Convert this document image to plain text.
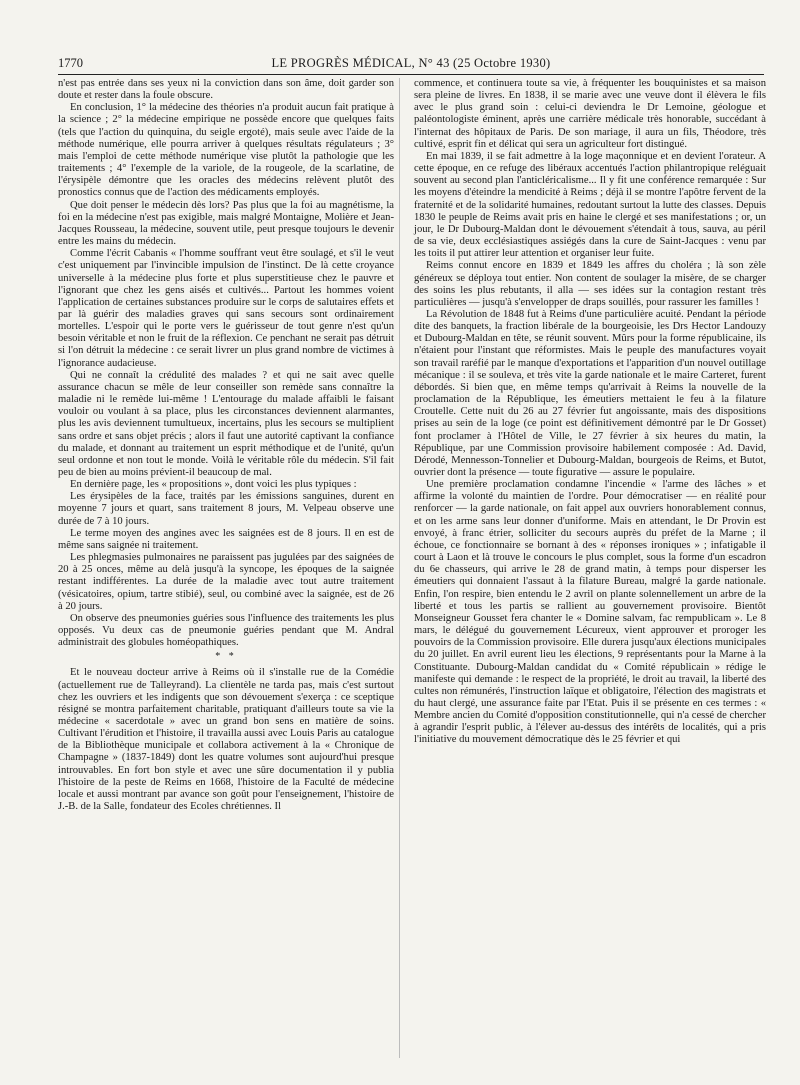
1770	LE PROGRÈS MÉDICAL, N° 43 (25 Octobre 1930)

n'est pas entrée dans ses yeux ni la conviction dans son âme, doit garder son doute et rester dans la foule obscure.

En conclusion, 1° la médecine des théories n'a produit aucun fait pratique à la science ; 2° la médecine empirique ne possède encore que quelques faits (tels que l'action du quinquina, du seigle ergoté), mais seule avec l'aide de la méthode numérique, elle pourra arriver à quelques résultats régulateurs ; 3° mais l'emploi de cette méthode numérique vise plutôt la pathologie que les traitements ; 4° l'exemple de la variole, de la rougeole, de la scarlatine, de l'érysipèle démontre que les oracles des médecins relèvent plutôt des pronostics connus que de l'action des médicaments employés.

Que doit penser le médecin dès lors? Pas plus que la foi au magnétisme, la foi en la médecine n'est pas exigible, mais malgré Montaigne, Molière et Jean-Jacques Rousseau, la médecine, souvent utile, peut presque toujours le devenir entre les mains du médecin.

Comme l'écrit Cabanis « l'homme souffrant veut être soulagé, et s'il le veut c'est uniquement par l'invincible impulsion de l'instinct. De là cette croyance universelle à la médecine plus forte et plus superstitieuse chez le pauvre et l'ignorant que chez les gens aisés et cultivés... Partout les hommes voient l'application de certaines substances produire sur le corps de salutaires effets et par là guérir des maladies graves qui sans secours sont ordinairement mortelles. L'espoir qui le porte vers le guérisseur de tout genre n'est qu'un besoin véritable et non le fruit de la réflexion. Ce penchant ne serait pas détruit si l'on détruit la médecine : ce serait livrer un plus grand nombre de victimes à l'ignorance audacieuse.

Qui ne connaît la crédulité des malades ? et qui ne sait avec quelle assurance chacun se mêle de leur conseiller son remède sans connaître la maladie ni le remède lui-même ! L'entourage du malade affaibli le faisant vouloir ou voulant à sa place, plus les circonstances deviennent alarmantes, plus les avis deviennent tumultueux, incertains, plus les secours se multiplient sans ordre et sans objet précis ; alors il faut une autorité captivant la confiance du malade, et donnant au traitement un esprit méthodique et de l'unité, qu'un seul ordonne et non tout le monde. Voilà le véritable rôle du médecin. S'il fait peu de bien au moins prévient-il beaucoup de mal.

En dernière page, les « propositions », dont voici les plus typiques :

Les érysipèles de la face, traités par les émissions sanguines, durent en moyenne 7 jours et quart, sans traitement 8 jours, M. Velpeau observe une durée de 7 à 10 jours.

Le terme moyen des angines avec les saignées est de 8 jours. Il en est de même sans saignée ni traitement.

Les phlegmasies pulmonaires ne paraissent pas jugulées par des saignées de 20 à 25 onces, même au delà jusqu'à la syncope, les époques de la saignée restant indifférentes. La durée de la maladie avec tout autre traitement (vésicatoires, opium, tartre stibié), seul, ou combiné avec la saignée, est de 26 à 20 jours.

On observe des pneumonies guéries sous l'influence des traitements les plus opposés. Vu deux cas de pneumonie guéries pendant que M. Andral administrait des globules homéopathiques.

* *

Et le nouveau docteur arrive à Reims où il s'installe rue de la Comédie (actuellement rue de Talleyrand). La clientèle ne tarda pas, mais c'est surtout chez les ouvriers et les indigents que son dévouement s'exerça : ce sceptique résigné se montra parfaitement charitable, pratiquant d'ailleurs toute sa vie la médecine « sacerdotale » avec un grand bon sens en matière de soins. Cultivant l'érudition et l'histoire, il travailla aussi avec Louis Paris au catalogue de la Bibliothèque municipale et collabora activement à la « Chronique de Champagne » (1837-1849) dont les quatre volumes sont aujourd'hui presque introuvables. En fort bon style et avec une sûre documentation il y publia l'histoire de la peste de Reims en 1668, l'histoire de la Faculté de médecine locale et aussi montrant par avance son goût pour l'enseignement, l'histoire de J.-B. de la Salle, fondateur des Ecoles chrétiennes. Il

commence, et continuera toute sa vie, à fréquenter les bouquinistes et sa maison sera pleine de livres. En 1838, il se marie avec une veuve dont il élèvera le fils avec le plus grand soin : celui-ci deviendra le Dr Lemoine, géologue et paléontologiste éminent, après une carrière médicale très honorable, succédant à l'internat des hôpitaux de Paris. De son mariage, il aura un fils, Théodore, très cultivé, esprit fin et délicat qui sera un agriculteur fort distingué.

En mai 1839, il se fait admettre à la loge maçonnique et en devient l'orateur. A cette époque, en ce refuge des libéraux accentués l'action philantropique reléguait souvent au second plan l'anticléricalisme... Il y fit une conférence remarquée : Sur les moyens d'éteindre la mendicité à Reims ; déjà il se montre l'apôtre fervent de la fraternité et de la solidarité humaines, redoutant surtout la lutte des classes. Depuis 1830 le peuple de Reims avait pris en haine le clergé et ses manifestations ; or, un jour, le Dr Dubourg-Maldan dont le dévouement s'étendait à tous, sauva, au péril de sa vie, deux ecclésiastiques assiégés dans la cure de Saint-Jacques : venu par les toits il put attirer leur attention et organiser leur fuite.

Reims connut encore en 1839 et 1849 les affres du choléra ; là son zèle généreux se déploya tout entier. Non content de soulager la misère, de se charger des soins les plus rebutants, il alla — ses idées sur la contagion restant très particulières — jusqu'à s'envelopper de draps souillés, pour rassurer les familles !

La Révolution de 1848 fut à Reims d'une particulière acuité. Pendant la période dite des banquets, la fraction libérale de la bourgeoisie, les Drs Hector Landouzy et Dubourg-Maldan en tête, se réunit souvent. Mûrs pour la forme républicaine, ils n'étaient pour l'instant que réformistes. Mais le peuple des manufactures voyait son travail raréfié par le manque d'exportations et l'apparition d'un nouvel outillage mécanique : il se souleva, et très vite la garde nationale et le maire Carteret, furent débordés. Si bien que, en même temps qu'arrivait à Reims la nouvelle de la proclamation de la République, les émeutiers mettaient le feu à la filature Croutelle. Cette nuit du 26 au 27 février fut angoissante, mais des dispositions prises au sein de la loge (ce point est définitivement démontré par le Dr Gosset) font proclamer à l'Hôtel de Ville, le 27 février à six heures du matin, la République, par une Commission provisoire habilement composée : Ad. David, Dérodé, Mennesson-Tonnelier et Dubourg-Maldan, bourgeois de Reims, et Butot, ouvrier dont la présence — toute figurative — assure le populaire.

Une première proclamation condamne l'incendie « l'arme des lâches » et affirme la volonté du maintien de l'ordre. Pour démocratiser — en réalité pour renforcer — la garde nationale, on fait appel aux ouvriers honorablement connus, et on les arme sans leur donner d'uniforme. Mais en attendant, le Dr Provin est envoyé, à franc étrier, solliciter du secours auprès du préfet de la Marne ; il échoue, ce fonctionnaire se bornant à des « réponses ironiques » ; infatigable il court à Laon et là trouve le concours le plus complet, sous la forme d'un escadron du 6e chasseurs, qui arrive le 28 de grand matin, à temps pour disperser les émeutiers qui donnaient l'assaut à la filature Bureau, malgré la garde nationale. Enfin, l'on respire, bien entendu le 2 avril on plante solennellement un arbre de la liberté et tous les partis se rallient au gouvernement provisoire. Bientôt Monseigneur Gousset fera chanter le « Domine salvam, fac rempublicam ». Le 8 mars, le délégué du gouvernement Lécureux, vient approuver et proroger les pouvoirs de la Commission provisoire. Elle durera jusqu'aux élections municipales du 20 juillet. En avril eurent lieu les élections, 9 représentants pour la Marne à la Constituante. Dubourg-Maldan candidat du « Comité républicain » rédige le manifeste qui demande : le respect de la propriété, le droit au travail, la liberté des cultes non rémunérés, l'instruction laïque et obligatoire, l'élection des magistrats et du haut clergé, une assurance faite par l'Etat. Puis il se présente en ces termes : « Membre ancien du Comité d'opposition constitutionnelle, qui n'a cessé de chercher à agrandir l'esprit public, à l'élever au-dessus des intérêts de localités, qui a pris l'initiative du mouvement démocratique dès le 25 février et qui
